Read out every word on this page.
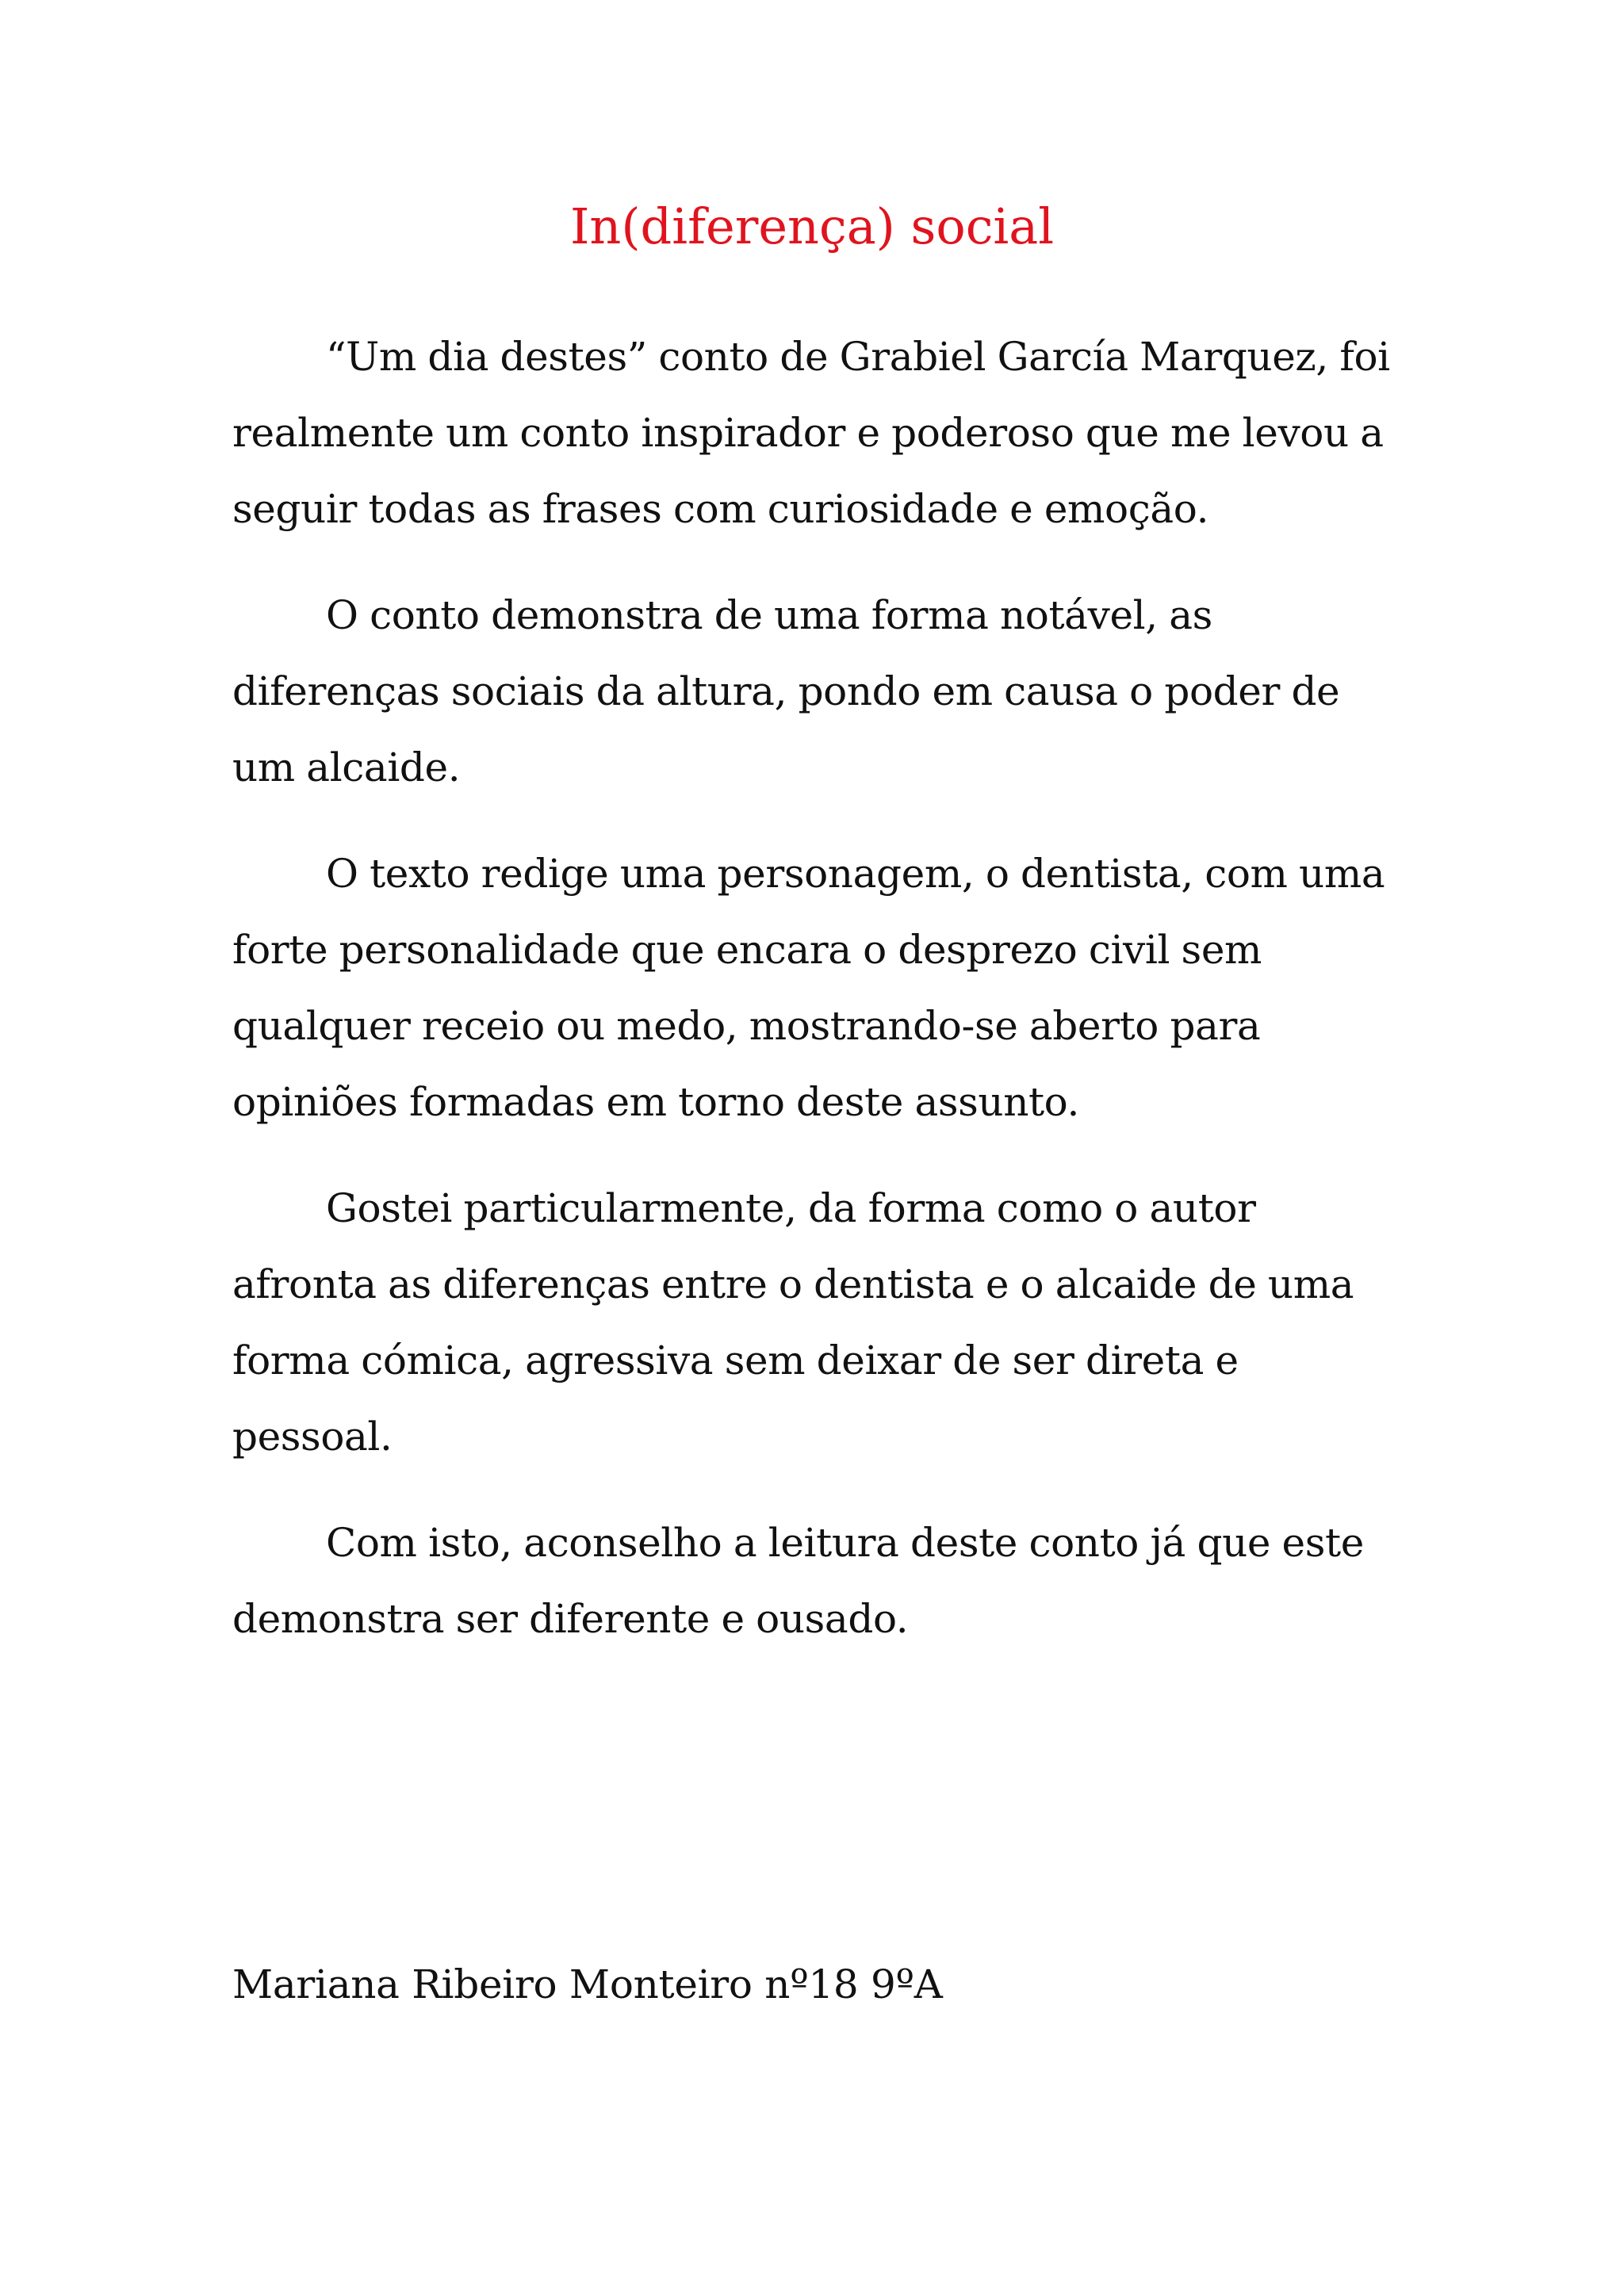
In(diferença) social

“Um dia destes” conto de Grabiel García Marquez, foi realmente um conto inspirador e poderoso que me levou a seguir todas as frases com curiosidade e emoção.

O conto demonstra de uma forma notável, as diferenças sociais da altura, pondo em causa o poder de um alcaide.

O texto redige uma personagem, o dentista, com uma forte personalidade que encara o desprezo civil sem qualquer receio ou medo, mostrando-se aberto para opiniões formadas em torno deste assunto.

Gostei particularmente, da forma como o autor afronta as diferenças entre o dentista e o alcaide de uma forma cómica, agressiva sem deixar de ser direta e pessoal.

Com isto, aconselho a leitura deste conto já que este demonstra ser diferente e ousado.

Mariana Ribeiro Monteiro nº18 9ºA
